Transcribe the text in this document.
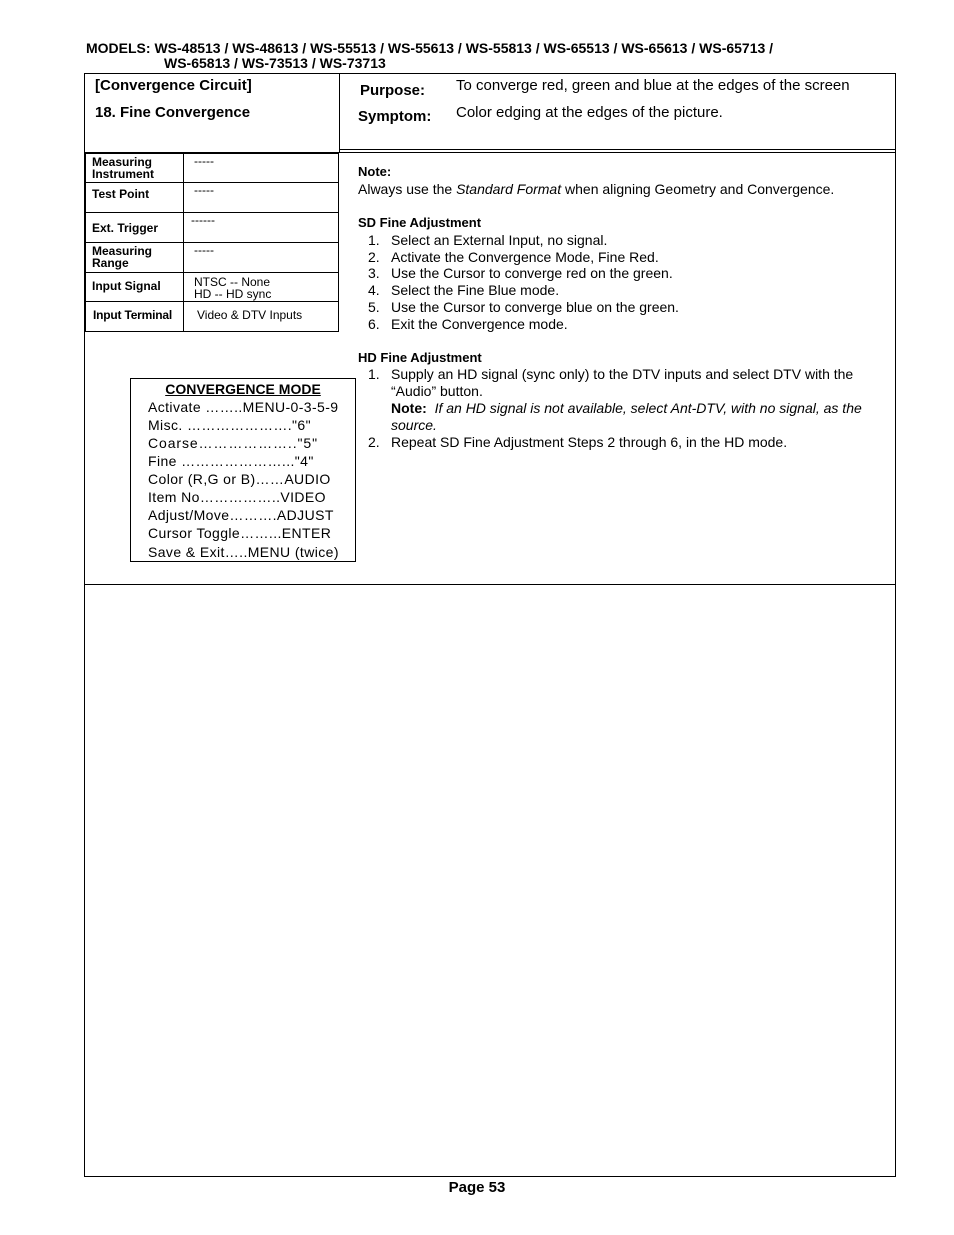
MODELS: WS-48513 / WS-48613 / WS-55513 / WS-55613 / WS-55813 / WS-65513 / WS-65613 / WS-65713 /
WS-65813 / WS-73513 / WS-73713
[Convergence Circuit]
18. Fine Convergence
Purpose: To converge red, green and blue at the edges of the screen
Symptom: Color edging at the edges of the picture.
Measuring
Instrument	-----
Test Point	-----
Ext. Trigger	------
Measuring
Range	-----
Input Signal	NTSC -- None
HD -- HD sync
Input Terminal	Video & DTV Inputs
Note:
Always use the Standard Format when aligning Geometry and Convergence.
SD Fine Adjustment
1. Select an External Input, no signal.
2. Activate the Convergence Mode, Fine Red.
3. Use the Cursor to converge red on the green.
4. Select the Fine Blue mode.
5. Use the Cursor to converge blue on the green.
6. Exit the Convergence mode.
HD Fine Adjustment
1. Supply an HD signal (sync only) to the DTV inputs and select DTV with the
“Audio” button.
Note: If an HD signal is not available, select Ant-DTV, with no signal, as the
source.
2. Repeat SD Fine Adjustment Steps 2 through 6, in the HD mode.
CONVERGENCE MODE
Activate ……..MENU-0-3-5-9
Misc. …………………."6"
Coarse……………….."5"
Fine …………………..."4"
Color (R,G or B)……AUDIO
Item No……………..VIDEO
Adjust/Move……….ADJUST
Cursor Toggle……...ENTER
Save & Exit…..MENU (twice)
Page 53
